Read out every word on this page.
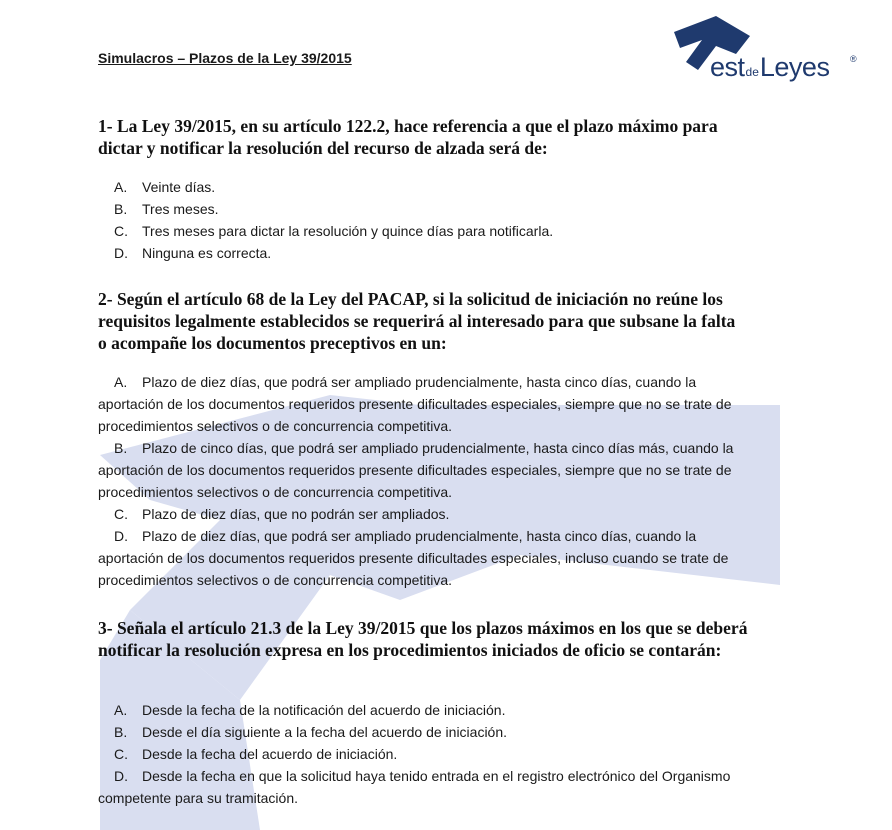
Simulacros – Plazos de la Ley 39/2015	estdeLeyes ®
1- La Ley 39/2015, en su artículo 122.2, hace referencia a que el plazo máximo para dictar y notificar la resolución del recurso de alzada será de:
A. Veinte días.
B. Tres meses.
C. Tres meses para dictar la resolución y quince días para notificarla.
D. Ninguna es correcta.
2- Según el artículo 68 de la Ley del PACAP, si la solicitud de iniciación no reúne los requisitos legalmente establecidos se requerirá al interesado para que subsane la falta o acompañe los documentos preceptivos en un:
A. Plazo de diez días, que podrá ser ampliado prudencialmente, hasta cinco días, cuando la aportación de los documentos requeridos presente dificultades especiales, siempre que no se trate de procedimientos selectivos o de concurrencia competitiva.
B. Plazo de cinco días, que podrá ser ampliado prudencialmente, hasta cinco días más, cuando la aportación de los documentos requeridos presente dificultades especiales, siempre que no se trate de procedimientos selectivos o de concurrencia competitiva.
C. Plazo de diez días, que no podrán ser ampliados.
D. Plazo de diez días, que podrá ser ampliado prudencialmente, hasta cinco días, cuando la aportación de los documentos requeridos presente dificultades especiales, incluso cuando se trate de procedimientos selectivos o de concurrencia competitiva.
3- Señala el artículo 21.3 de la Ley 39/2015 que los plazos máximos en los que se deberá notificar la resolución expresa en los procedimientos iniciados de oficio se contarán:
A. Desde la fecha de la notificación del acuerdo de iniciación.
B. Desde el día siguiente a la fecha del acuerdo de iniciación.
C. Desde la fecha del acuerdo de iniciación.
D. Desde la fecha en que la solicitud haya tenido entrada en el registro electrónico del Organismo competente para su tramitación.
